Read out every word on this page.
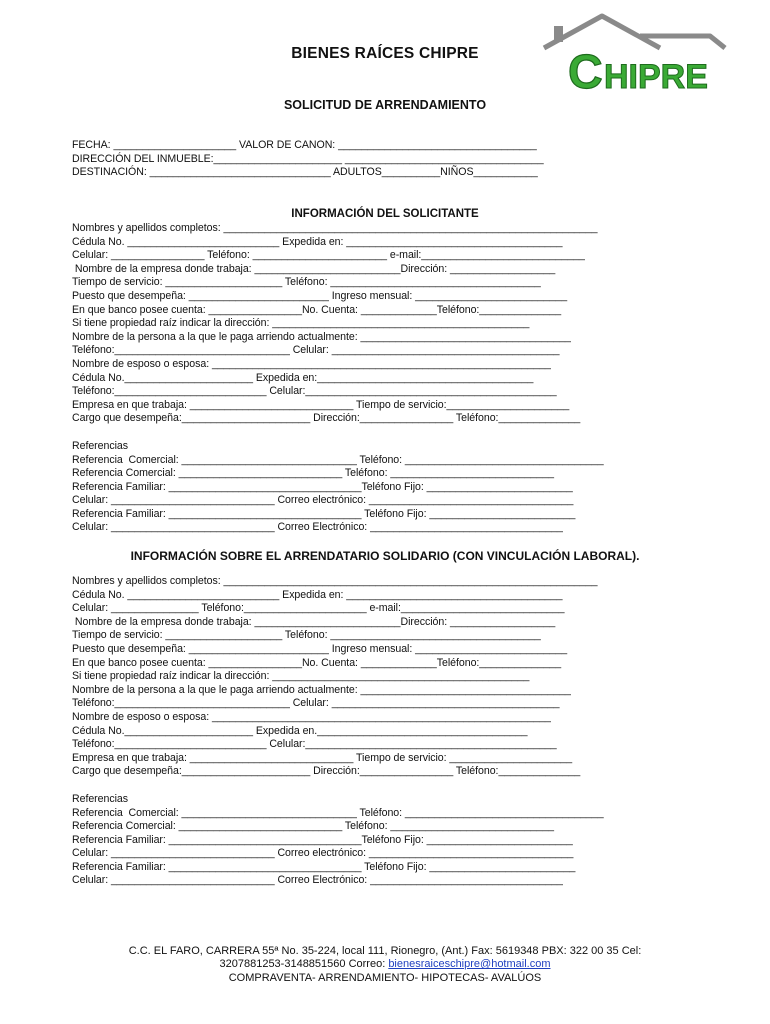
C HIPRE
BIENES RAÍCES CHIPRE
SOLICITUD DE ARRENDAMIENTO

FECHA: _____________________ VALOR DE CANON: __________________________________

DIRECCIÓN DEL INMUEBLE:______________________ __________________________________

DESTINACIÓN: _______________________________ ADULTOS__________NIÑOS___________

INFORMACIÓN DEL SOLICITANTE

Nombres y apellidos completos: ________________________________________________________________

Cédula No. __________________________ Expedida en: _____________________________________

Celular: ________________ Teléfono: _______________________ e-mail:____________________________

Nombre de la empresa donde trabaja: _________________________Dirección: __________________

Tiempo de servicio: ____________________ Teléfono: ____________________________________

Puesto que desempeña: ________________________ Ingreso mensual: __________________________

En que banco posee cuenta: ________________No. Cuenta: _____________Teléfono:______________

Si tiene propiedad raíz indicar la dirección: ____________________________________________

Nombre de la persona a la que le paga arriendo actualmente: ____________________________________

Teléfono:______________________________ Celular: _______________________________________

Nombre de esposo o esposa: __________________________________________________________

Cédula No.______________________ Expedida en:_____________________________________

Teléfono:__________________________ Celular:___________________________________________

Empresa en que trabaja: ____________________________ Tiempo de servicio:_____________________

Cargo que desempeña:______________________ Dirección:________________ Teléfono:______________

Referencias

Referencia  Comercial: ______________________________ Teléfono: __________________________________

Referencia Comercial: ____________________________ Teléfono: ____________________________

Referencia Familiar: _________________________________Teléfono Fijo: _________________________

Celular: ____________________________ Correo electrónico: ___________________________________

Referencia Familiar: _________________________________ Teléfono Fijo: _________________________

Celular: ____________________________ Correo Electrónico: _________________________________

INFORMACIÓN SOBRE EL ARRENDATARIO SOLIDARIO (CON VINCULACIÓN LABORAL).

Nombres y apellidos completos: ________________________________________________________________

Cédula No. __________________________ Expedida en: _____________________________________

Celular: _______________ Teléfono:_____________________ e-mail:____________________________

Nombre de la empresa donde trabaja: _________________________Dirección: __________________

Tiempo de servicio: ____________________ Teléfono: ____________________________________

Puesto que desempeña: ________________________ Ingreso mensual: __________________________

En que banco posee cuenta: ________________No. Cuenta: _____________Teléfono:______________

Si tiene propiedad raíz indicar la dirección: ____________________________________________

Nombre de la persona a la que le paga arriendo actualmente: ____________________________________

Teléfono:______________________________ Celular: _______________________________________

Nombre de esposo o esposa: __________________________________________________________

Cédula No.______________________ Expedida en.____________________________________

Teléfono:__________________________ Celular:___________________________________________

Empresa en que trabaja: ____________________________ Tiempo de servicio: _____________________

Cargo que desempeña:______________________ Dirección:________________ Teléfono:______________

Referencias

Referencia  Comercial: ______________________________ Teléfono: __________________________________

Referencia Comercial: ____________________________ Teléfono: ____________________________

Referencia Familiar: _________________________________Teléfono Fijo: _________________________

Celular: ____________________________ Correo electrónico: ___________________________________

Referencia Familiar: _________________________________ Teléfono Fijo: _________________________

Celular: ____________________________ Correo Electrónico: _________________________________

C.C. EL FARO, CARRERA 55ª No. 35-224, local 111, Rionegro, (Ant.) Fax: 5619348 PBX: 322 00 35 Cel:
3207881253-3148851560 Correo: bienesraiceschipre@hotmail.com
COMPRAVENTA- ARRENDAMIENTO- HIPOTECAS- AVALÚOS
